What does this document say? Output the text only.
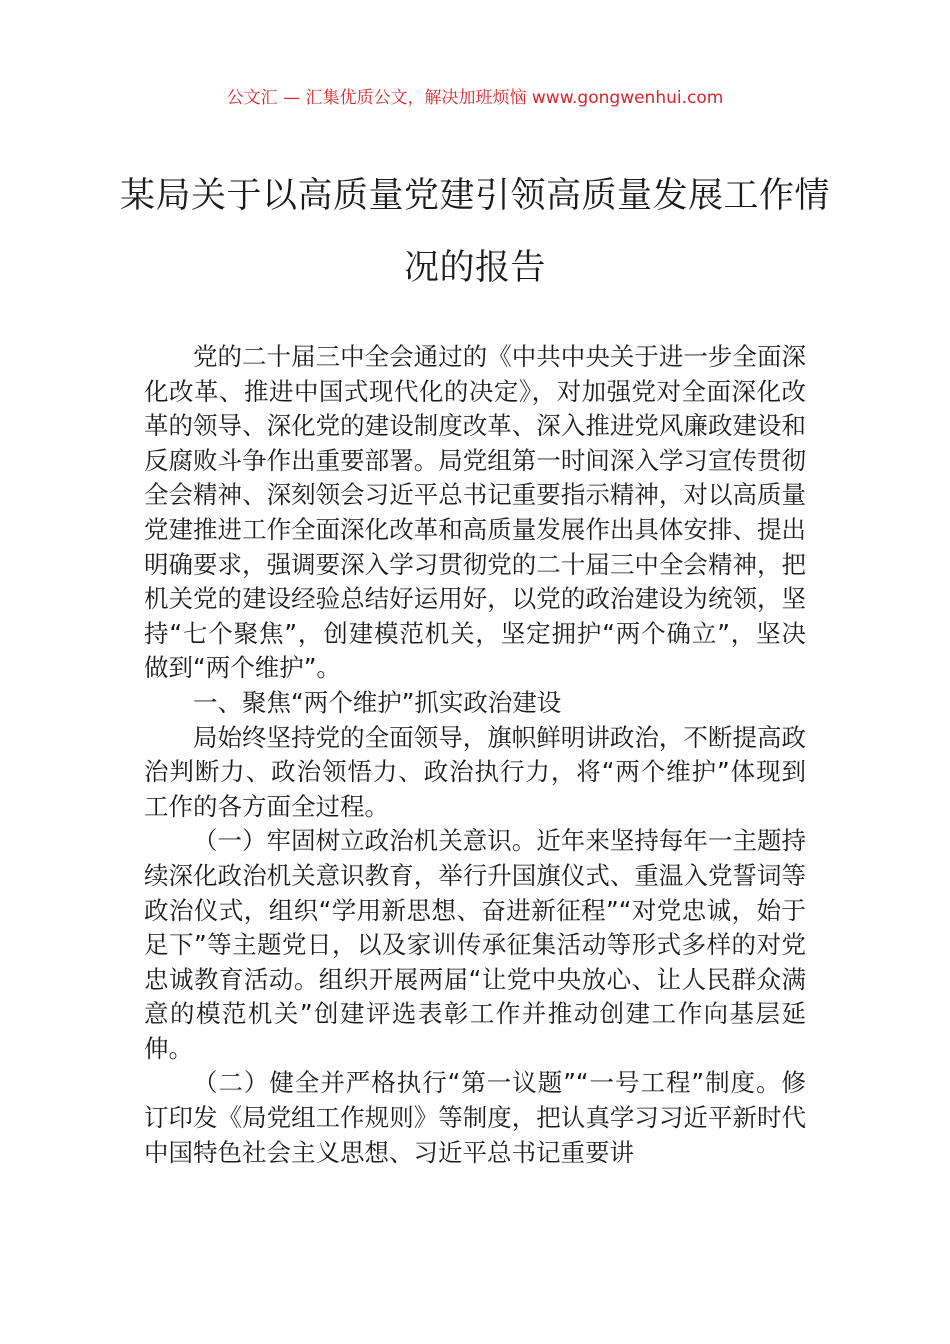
公文汇 — 汇集优质公文，解决加班烦恼 www.gongwenhui.com
某局关于以高质量党建引领高质量发展工作情况的报告

党的二十届三中全会通过的《中共中央关于进一步全面深化改革、推进中国式现代化的决定》，对加强党对全面深化改革的领导、深化党的建设制度改革、深入推进党风廉政建设和反腐败斗争作出重要部署。局党组第一时间深入学习宣传贯彻全会精神、深刻领会习近平总书记重要指示精神，对以高质量党建推进工作全面深化改革和高质量发展作出具体安排、提出明确要求，强调要深入学习贯彻党的二十届三中全会精神，把机关党的建设经验总结好运用好，以党的政治建设为统领，坚持“七个聚焦”，创建模范机关，坚定拥护“两个确立”，坚决做到“两个维护”。

一、聚焦“两个维护”抓实政治建设

局始终坚持党的全面领导，旗帜鲜明讲政治，不断提高政治判断力、政治领悟力、政治执行力，将“两个维护”体现到工作的各方面全过程。

（一）牢固树立政治机关意识。近年来坚持每年一主题持续深化政治机关意识教育，举行升国旗仪式、重温入党誓词等政治仪式，组织“学用新思想、奋进新征程”“对党忠诚，始于足下”等主题党日，以及家训传承征集活动等形式多样的对党忠诚教育活动。组织开展两届“让党中央放心、让人民群众满意的模范机关”创建评选表彰工作并推动创建工作向基层延伸。

（二）健全并严格执行“第一议题”“一号工程”制度。修订印发《局党组工作规则》等制度，把认真学习习近平新时代中国特色社会主义思想、习近平总书记重要讲
